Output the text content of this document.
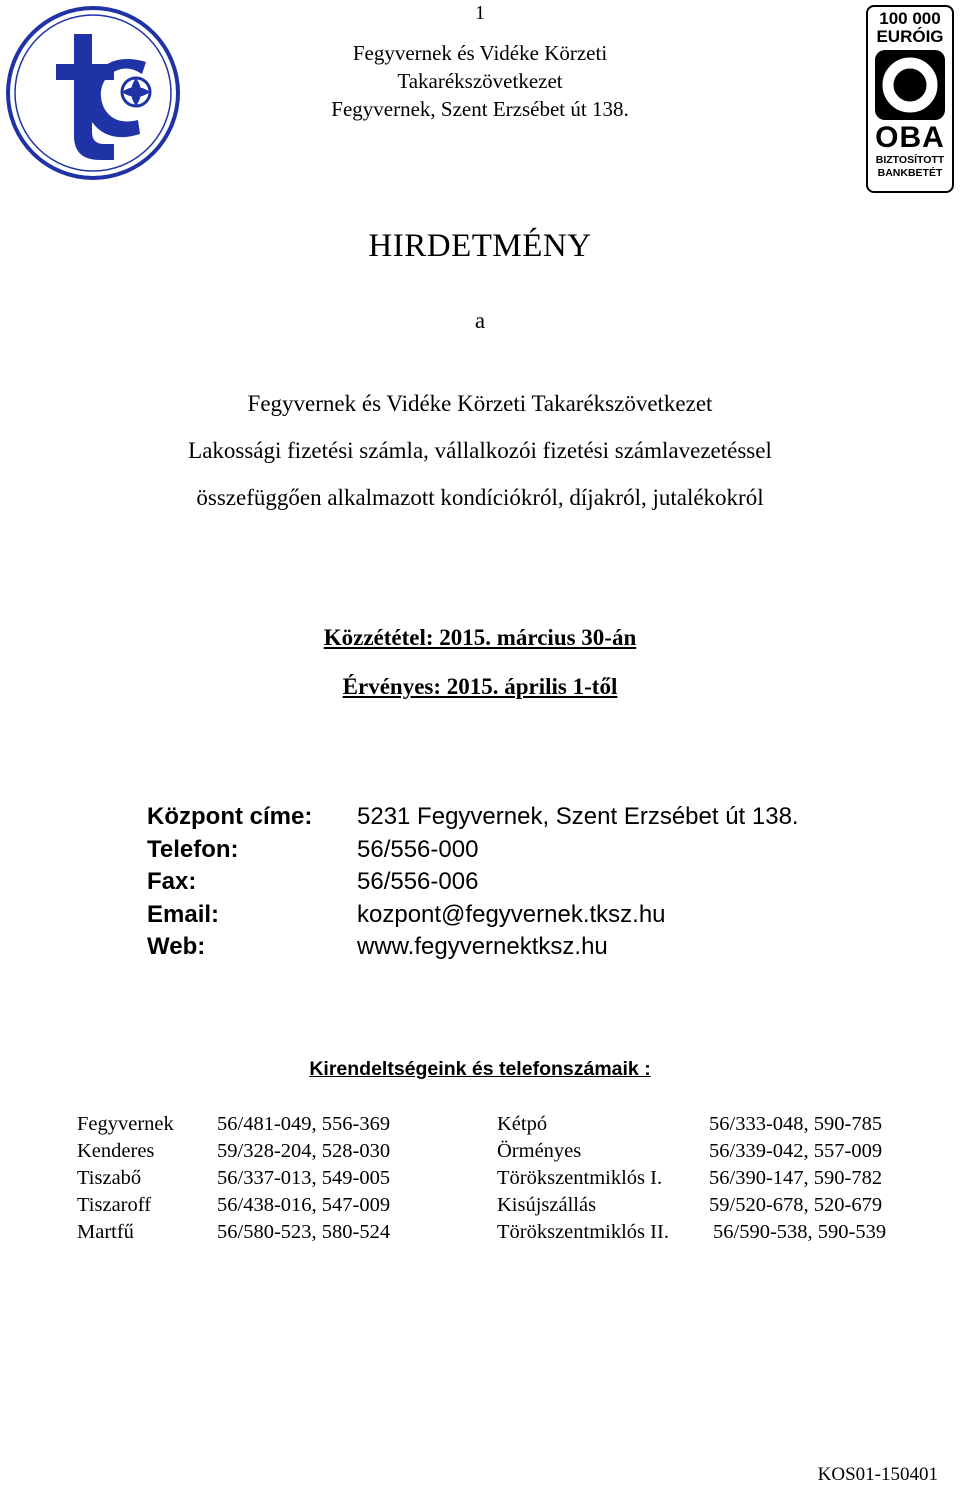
1
Fegyvernek és Vidéke Körzeti
Takarékszövetkezet
Fegyvernek, Szent Erzsébet út 138.
100 000
EURÓIG
OBA
BIZTOSÍTOTT
BANKBETÉT
HIRDETMÉNY
a
Fegyvernek és Vidéke Körzeti Takarékszövetkezet
Lakossági fizetési számla, vállalkozói fizetési számlavezetéssel
összefüggően alkalmazott kondíciókról, díjakról, jutalékokról
Közzététel: 2015. március 30-án
Érvényes: 2015. április 1-től
Központ címe:	5231 Fegyvernek, Szent Erzsébet út 138.
Telefon:	56/556-000
Fax:	56/556-006
Email:	kozpont@fegyvernek.tksz.hu
Web:	www.fegyvernektksz.hu
Kirendeltségeink és telefonszámaik :
Fegyvernek	56/481-049, 556-369
Kenderes	59/328-204, 528-030
Tiszabő	56/337-013, 549-005
Tiszaroff	56/438-016, 547-009
Martfű	56/580-523, 580-524
Kétpó	56/333-048, 590-785
Örményes	56/339-042, 557-009
Törökszentmiklós I.	56/390-147, 590-782
Kisújszállás	59/520-678, 520-679
Törökszentmiklós II.	56/590-538, 590-539
KOS01-150401
